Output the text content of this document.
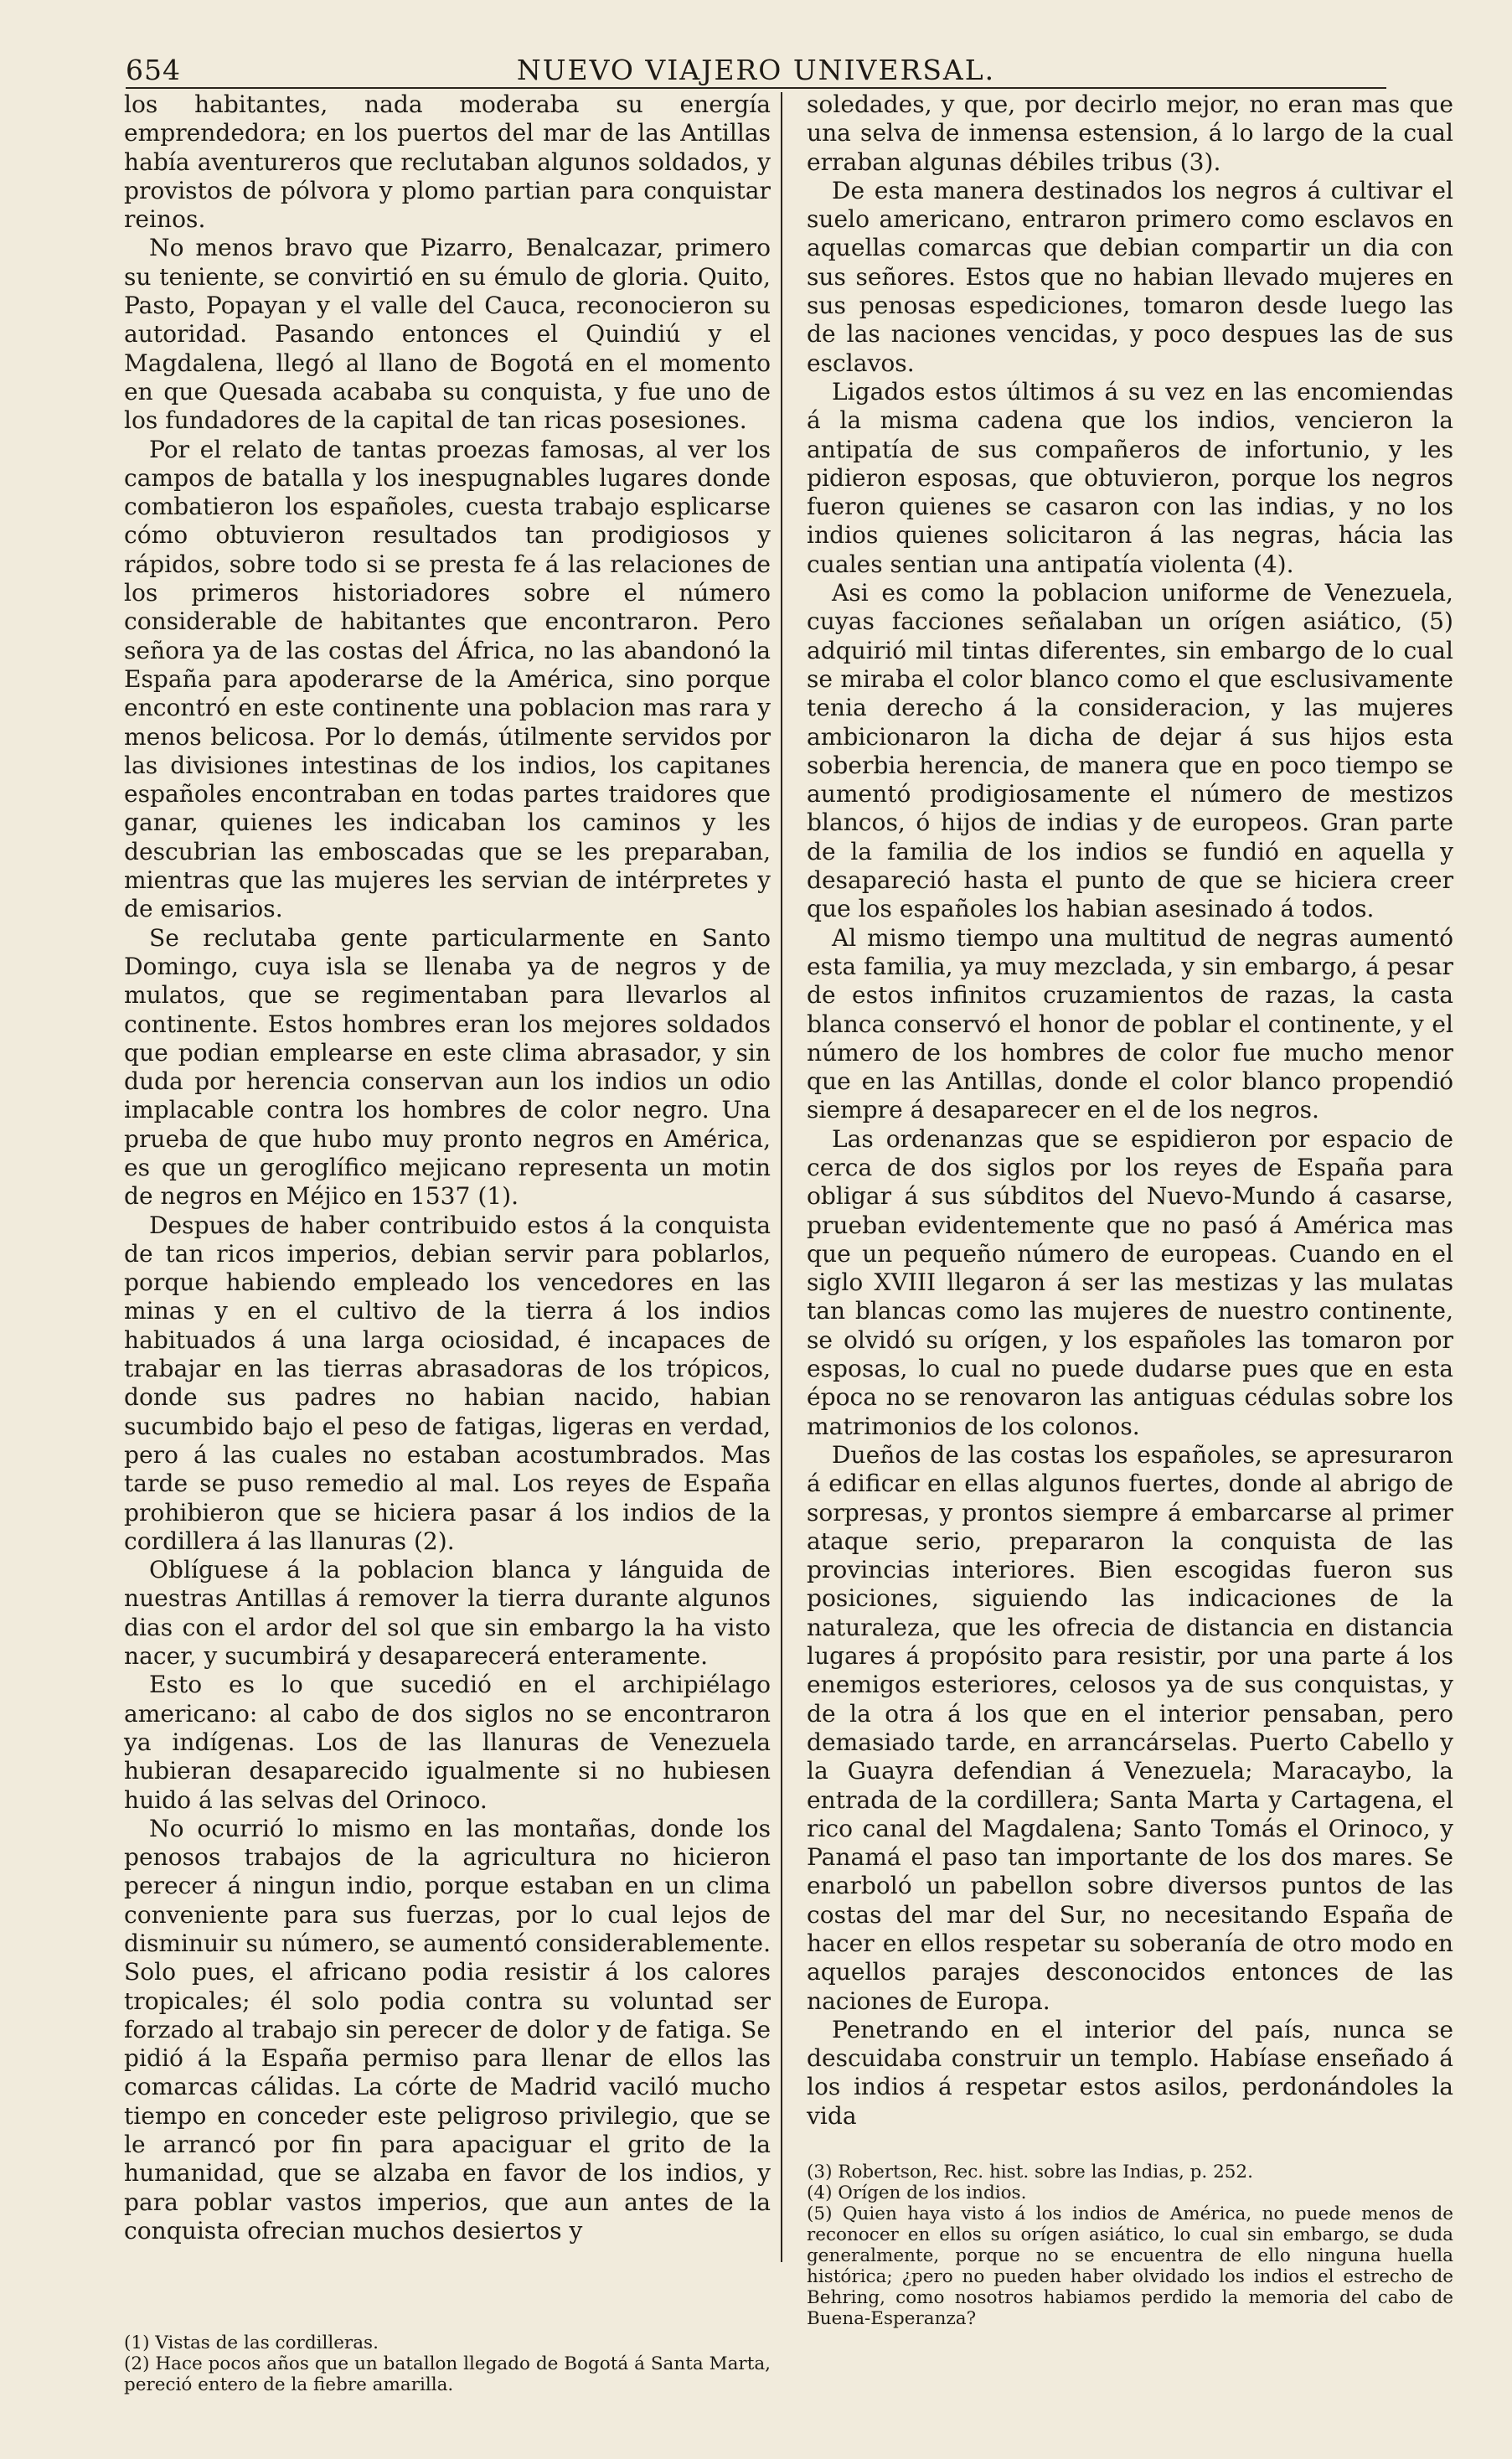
654	NUEVO VIAJERO UNIVERSAL.

los habitantes, nada moderaba su energía emprendedora; en los puertos del mar de las Antillas había aventureros que reclutaban algunos soldados, y provistos de pólvora y plomo partian para conquistar reinos.

No menos bravo que Pizarro, Benalcazar, primero su teniente, se convirtió en su émulo de gloria. Quito, Pasto, Popayan y el valle del Cauca, reconocieron su autoridad. Pasando entonces el Quindiú y el Magdalena, llegó al llano de Bogotá en el momento en que Quesada acababa su conquista, y fue uno de los fundadores de la capital de tan ricas posesiones.

Por el relato de tantas proezas famosas, al ver los campos de batalla y los inespugnables lugares donde combatieron los españoles, cuesta trabajo esplicarse cómo obtuvieron resultados tan prodigiosos y rápidos, sobre todo si se presta fe á las relaciones de los primeros historiadores sobre el número considerable de habitantes que encontraron. Pero señora ya de las costas del África, no las abandonó la España para apoderarse de la América, sino porque encontró en este continente una poblacion mas rara y menos belicosa. Por lo demás, útilmente servidos por las divisiones intestinas de los indios, los capitanes españoles encontraban en todas partes traidores que ganar, quienes les indicaban los caminos y les descubrian las emboscadas que se les preparaban, mientras que las mujeres les servian de intérpretes y de emisarios.

Se reclutaba gente particularmente en Santo Domingo, cuya isla se llenaba ya de negros y de mulatos, que se regimentaban para llevarlos al continente. Estos hombres eran los mejores soldados que podian emplearse en este clima abrasador, y sin duda por herencia conservan aun los indios un odio implacable contra los hombres de color negro. Una prueba de que hubo muy pronto negros en América, es que un geroglífico mejicano representa un motin de negros en Méjico en 1537 (1).

Despues de haber contribuido estos á la conquista de tan ricos imperios, debian servir para poblarlos, porque habiendo empleado los vencedores en las minas y en el cultivo de la tierra á los indios habituados á una larga ociosidad, é incapaces de trabajar en las tierras abrasadoras de los trópicos, donde sus padres no habian nacido, habian sucumbido bajo el peso de fatigas, ligeras en verdad, pero á las cuales no estaban acostumbrados. Mas tarde se puso remedio al mal. Los reyes de España prohibieron que se hiciera pasar á los indios de la cordillera á las llanuras (2).

Oblíguese á la poblacion blanca y lánguida de nuestras Antillas á remover la tierra durante algunos dias con el ardor del sol que sin embargo la ha visto nacer, y sucumbirá y desaparecerá enteramente.

Esto es lo que sucedió en el archipiélago americano: al cabo de dos siglos no se encontraron ya indígenas. Los de las llanuras de Venezuela hubieran desaparecido igualmente si no hubiesen huido á las selvas del Orinoco.

No ocurrió lo mismo en las montañas, donde los penosos trabajos de la agricultura no hicieron perecer á ningun indio, porque estaban en un clima conveniente para sus fuerzas, por lo cual lejos de disminuir su número, se aumentó considerablemente. Solo pues, el africano podia resistir á los calores tropicales; él solo podia contra su voluntad ser forzado al trabajo sin perecer de dolor y de fatiga. Se pidió á la España permiso para llenar de ellos las comarcas cálidas. La córte de Madrid vaciló mucho tiempo en conceder este peligroso privilegio, que se le arrancó por fin para apaciguar el grito de la humanidad, que se alzaba en favor de los indios, y para poblar vastos imperios, que aun antes de la conquista ofrecian muchos desiertos y

soledades, y que, por decirlo mejor, no eran mas que una selva de inmensa estension, á lo largo de la cual erraban algunas débiles tribus (3).

De esta manera destinados los negros á cultivar el suelo americano, entraron primero como esclavos en aquellas comarcas que debian compartir un dia con sus señores. Estos que no habian llevado mujeres en sus penosas espediciones, tomaron desde luego las de las naciones vencidas, y poco despues las de sus esclavos.

Ligados estos últimos á su vez en las encomiendas á la misma cadena que los indios, vencieron la antipatía de sus compañeros de infortunio, y les pidieron esposas, que obtuvieron, porque los negros fueron quienes se casaron con las indias, y no los indios quienes solicitaron á las negras, hácia las cuales sentian una antipatía violenta (4).

Asi es como la poblacion uniforme de Venezuela, cuyas facciones señalaban un orígen asiático, (5) adquirió mil tintas diferentes, sin embargo de lo cual se miraba el color blanco como el que esclusivamente tenia derecho á la consideracion, y las mujeres ambicionaron la dicha de dejar á sus hijos esta soberbia herencia, de manera que en poco tiempo se aumentó prodigiosamente el número de mestizos blancos, ó hijos de indias y de europeos. Gran parte de la familia de los indios se fundió en aquella y desapareció hasta el punto de que se hiciera creer que los españoles los habian asesinado á todos.

Al mismo tiempo una multitud de negras aumentó esta familia, ya muy mezclada, y sin embargo, á pesar de estos infinitos cruzamientos de razas, la casta blanca conservó el honor de poblar el continente, y el número de los hombres de color fue mucho menor que en las Antillas, donde el color blanco propendió siempre á desaparecer en el de los negros.

Las ordenanzas que se espidieron por espacio de cerca de dos siglos por los reyes de España para obligar á sus súbditos del Nuevo-Mundo á casarse, prueban evidentemente que no pasó á América mas que un pequeño número de europeas. Cuando en el siglo XVIII llegaron á ser las mestizas y las mulatas tan blancas como las mujeres de nuestro continente, se olvidó su orígen, y los españoles las tomaron por esposas, lo cual no puede dudarse pues que en esta época no se renovaron las antiguas cédulas sobre los matrimonios de los colonos.

Dueños de las costas los españoles, se apresuraron á edificar en ellas algunos fuertes, donde al abrigo de sorpresas, y prontos siempre á embarcarse al primer ataque serio, prepararon la conquista de las provincias interiores. Bien escogidas fueron sus posiciones, siguiendo las indicaciones de la naturaleza, que les ofrecia de distancia en distancia lugares á propósito para resistir, por una parte á los enemigos esteriores, celosos ya de sus conquistas, y de la otra á los que en el interior pensaban, pero demasiado tarde, en arrancárselas. Puerto Cabello y la Guayra defendian á Venezuela; Maracaybo, la entrada de la cordillera; Santa Marta y Cartagena, el rico canal del Magdalena; Santo Tomás el Orinoco, y Panamá el paso tan importante de los dos mares. Se enarboló un pabellon sobre diversos puntos de las costas del mar del Sur, no necesitando España de hacer en ellos respetar su soberanía de otro modo en aquellos parajes desconocidos entonces de las naciones de Europa.

Penetrando en el interior del país, nunca se descuidaba construir un templo. Habíase enseñado á los indios á respetar estos asilos, perdonándoles la vida

(3) Robertson, Rec. hist. sobre las Indias, p. 252.

(4) Orígen de los indios.

(5) Quien haya visto á los indios de América, no puede menos de reconocer en ellos su orígen asiático, lo cual sin embargo, se duda generalmente, porque no se encuentra de ello ninguna huella histórica; ¿pero no pueden haber olvidado los indios el estrecho de Behring, como nosotros habiamos perdido la memoria del cabo de Buena-Esperanza?

(1) Vistas de las cordilleras.

(2) Hace pocos años que un batallon llegado de Bogotá á Santa Marta, pereció entero de la fiebre amarilla.
